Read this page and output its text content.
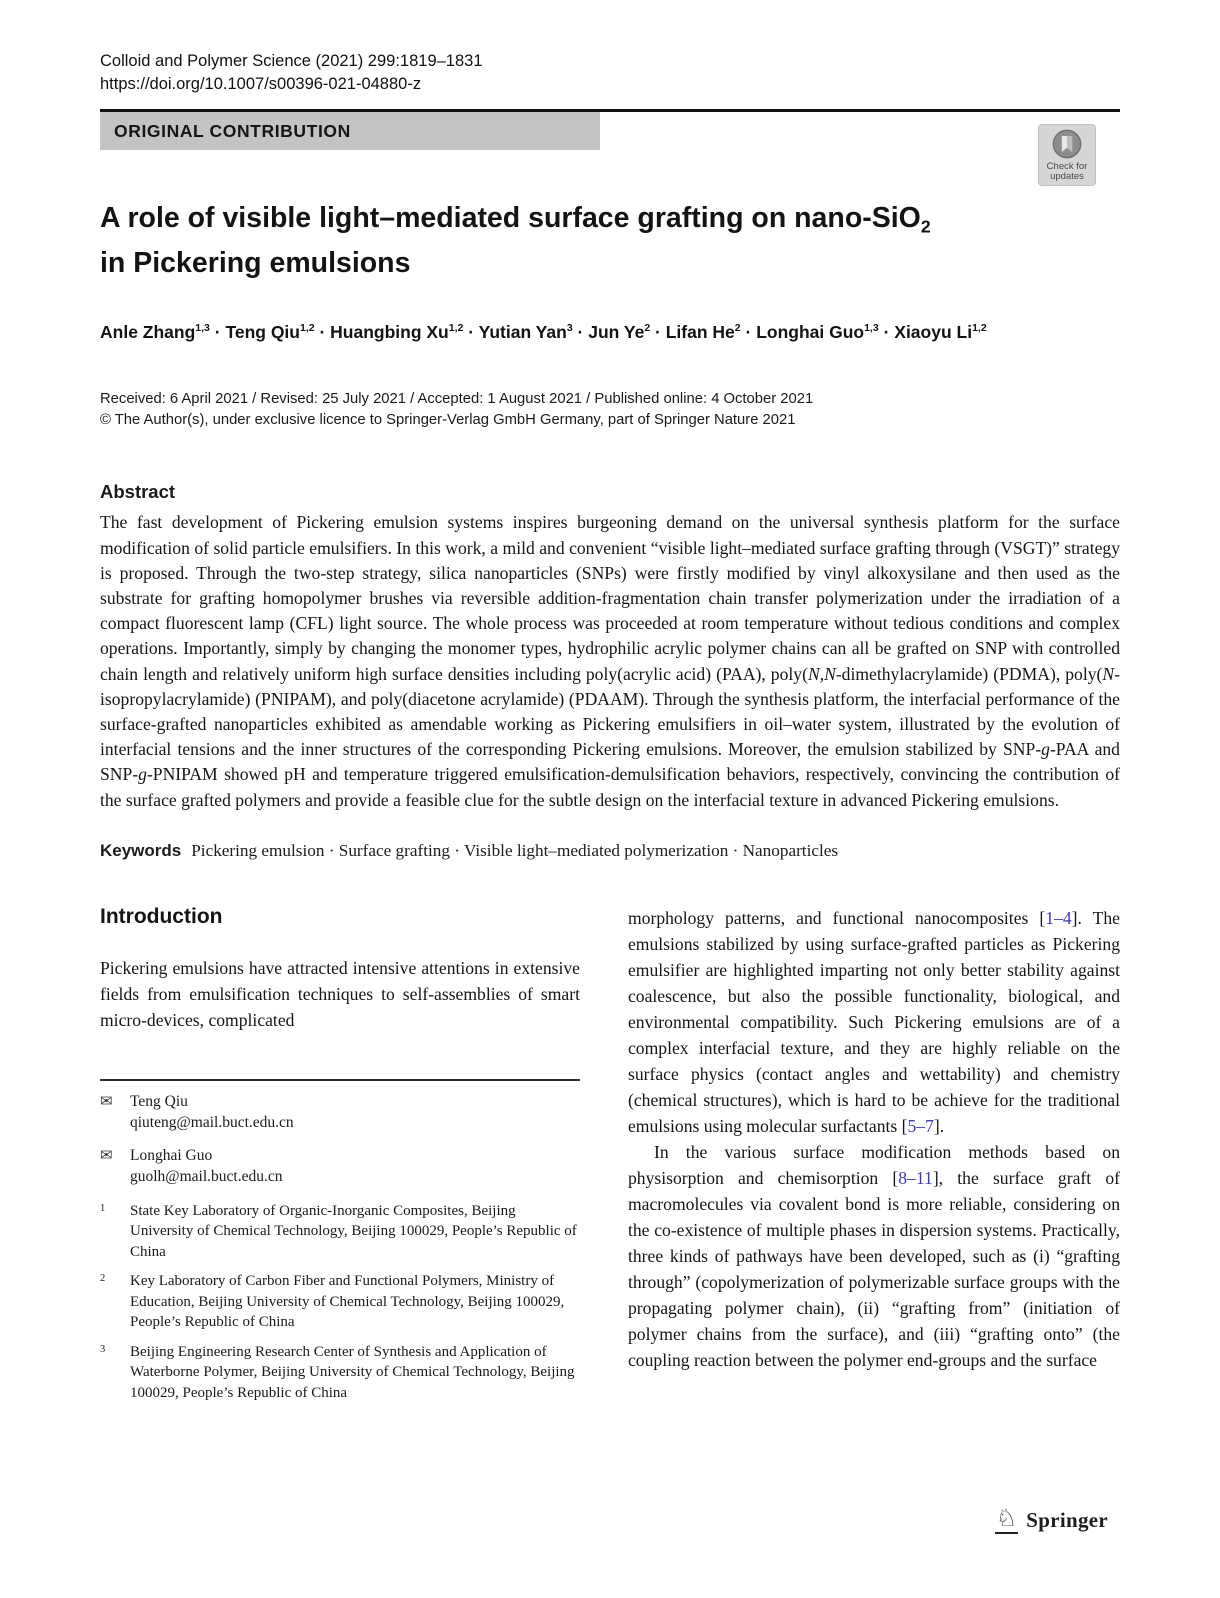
Colloid and Polymer Science (2021) 299:1819–1831
https://doi.org/10.1007/s00396-021-04880-z
ORIGINAL CONTRIBUTION
Check for
updates
A role of visible light–mediated surface grafting on nano-SiO2
in Pickering emulsions
Anle Zhang$^{1,3}$ · Teng Qiu$^{1,2}$ · Huangbing Xu$^{1,2}$ · Yutian Yan$^3$ · Jun $Ye^2$ · Lifan $He^2$ · Longhai Guo$^{1,3}$ · Xiaoyu Li$^{1,2}$
Received: 6 April 2021 / Revised: 25 July 2021 / Accepted: 1 August 2021 / Published online: 4 October 2021
© The Author(s), under exclusive licence to Springer-Verlag GmbH Germany, part of Springer Nature 2021
Abstract

The fast development of Pickering emulsion systems inspires burgeoning demand on the universal synthesis platform for the surface modification of solid particle emulsifiers. In this work, a mild and convenient “visible light–mediated surface grafting through (VSGT)” strategy is proposed. Through the two-step strategy, silica nanoparticles (SNPs) were firstly modified by vinyl alkoxysilane and then used as the substrate for grafting homopolymer brushes via reversible addition-fragmentation chain transfer polymerization under the irradiation of a compact fluorescent lamp (CFL) light source. The whole process was proceeded at room temperature without tedious conditions and complex operations. Importantly, simply by changing the monomer types, hydrophilic acrylic polymer chains can all be grafted on SNP with controlled chain length and relatively uniform high surface densities including poly(acrylic acid) (PAA), poly(N,N-dimethylacrylamide) (PDMA), poly(N-isopropylacrylamide) (PNIPAM), and poly(diacetone acrylamide) (PDAAM). Through the synthesis platform, the interfacial performance of the surface-grafted nanoparticles exhibited as amendable working as Pickering emulsifiers in oil–water system, illustrated by the evolution of interfacial tensions and the inner structures of the corresponding Pickering emulsions. Moreover, the emulsion stabilized by SNP-g-PAA and SNP-g-PNIPAM showed pH and temperature triggered emulsification-demulsification behaviors, respectively, convincing the contribution of the surface grafted polymers and provide a feasible clue for the subtle design on the interfacial texture in advanced Pickering emulsions.

Keywords Pickering emulsion · Surface grafting · Visible light–mediated polymerization · Nanoparticles

Introduction

Pickering emulsions have attracted intensive attentions in extensive fields from emulsification techniques to self-assemblies of smart micro-devices, complicated

✉	Teng Qiu
qiuteng@mail.buct.edu.cn
✉	Longhai Guo
guolh@mail.buct.edu.cn
1	State Key Laboratory of Organic-Inorganic Composites, Beijing University of Chemical Technology, Beijing 100029, People’s Republic of China
2	Key Laboratory of Carbon Fiber and Functional Polymers, Ministry of Education, Beijing University of Chemical Technology, Beijing 100029, People’s Republic of China
3	Beijing Engineering Research Center of Synthesis and Application of Waterborne Polymer, Beijing University of Chemical Technology, Beijing 100029, People’s Republic of China

morphology patterns, and functional nanocomposites [1–4]. The emulsions stabilized by using surface-grafted particles as Pickering emulsifier are highlighted imparting not only better stability against coalescence, but also the possible functionality, biological, and environmental compatibility. Such Pickering emulsions are of a complex interfacial texture, and they are highly reliable on the surface physics (contact angles and wettability) and chemistry (chemical structures), which is hard to be achieve for the traditional emulsions using molecular surfactants [5–7].

In the various surface modification methods based on physisorption and chemisorption [8–11], the surface graft of macromolecules via covalent bond is more reliable, considering on the co-existence of multiple phases in dispersion systems. Practically, three kinds of pathways have been developed, such as (i) “grafting through” (copolymerization of polymerizable surface groups with the propagating polymer chain), (ii) “grafting from” (initiation of polymer chains from the surface), and (iii) “grafting onto” (the coupling reaction between the polymer end-groups and the surface

♘ Springer
